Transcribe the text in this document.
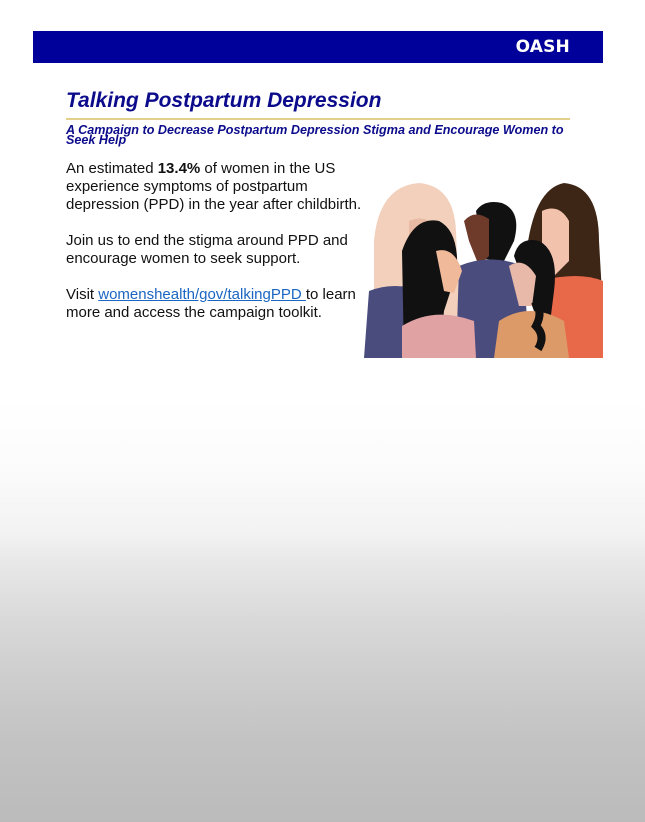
OASH
Talking Postpartum Depression

A Campaign to Decrease Postpartum Depression Stigma and Encourage Women to Seek Help

An estimated 13.4% of women in the US experience symptoms of postpartum depression (PPD) in the year after childbirth.

Join us to end the stigma around PPD and encourage women to seek support.

Visit womenshealth/gov/talkingPPD to learn more and access the campaign toolkit.
